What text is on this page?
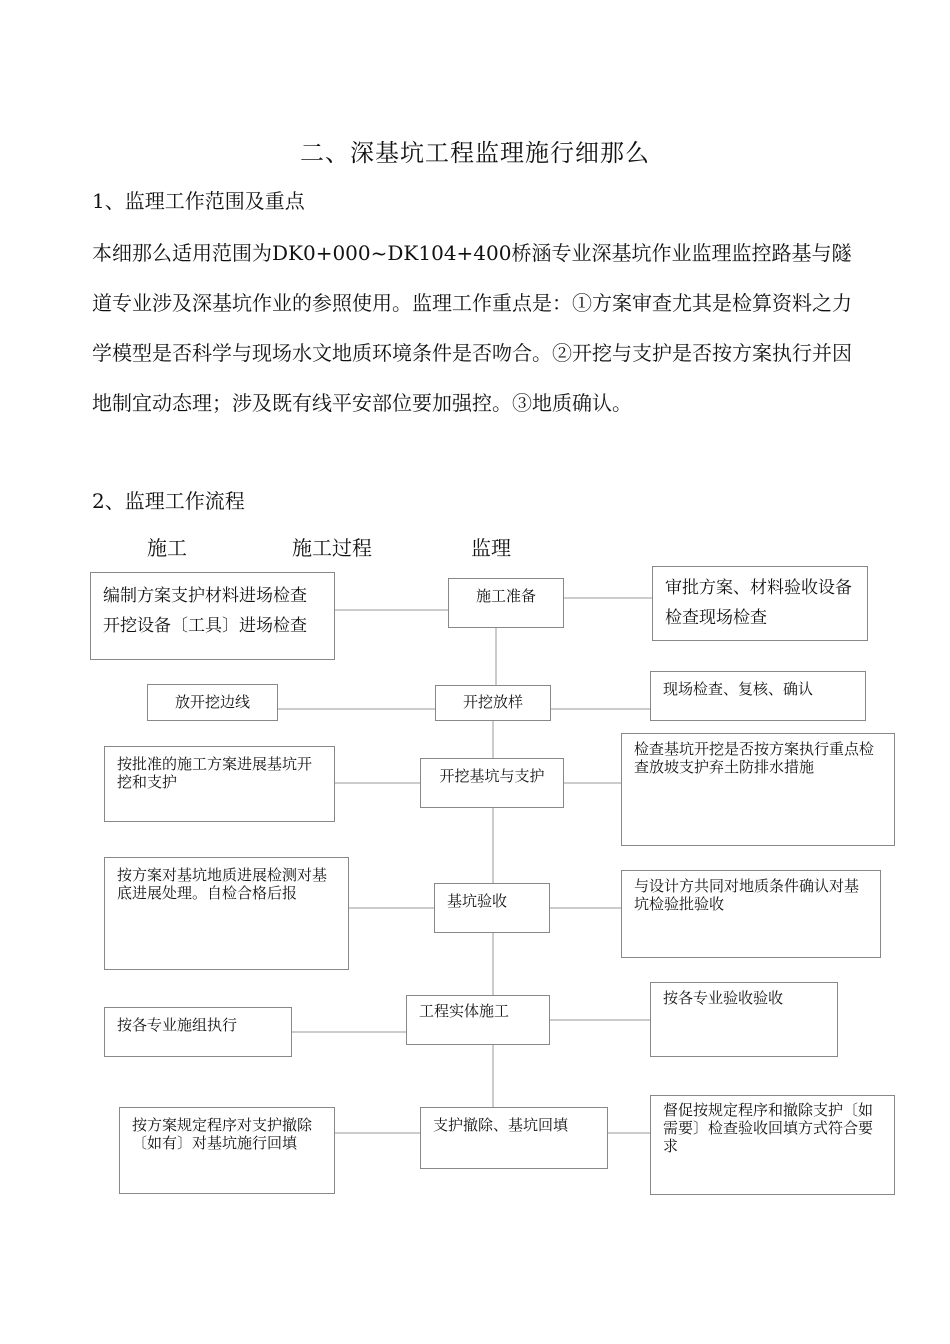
二、深基坑工程监理施行细那么
1、监理工作范围及重点
本细那么适用范围为DK0+000~DK104+400桥涵专业深基坑作业监理监控路基与隧道专业涉及深基坑作业的参照使用。监理工作重点是：①方案审查尤其是检算资料之力学模型是否科学与现场水文地质环境条件是否吻合。②开挖与支护是否按方案执行并因地制宜动态理；涉及既有线平安部位要加强控。③地质确认。
2、监理工作流程
施工	施工过程	监理
编制方案支护材料进场检查开挖设备〔工具〕进场检查
放开挖边线
按批准的施工方案进展基坑开挖和支护
按方案对基坑地质进展检测对基底进展处理。自检合格后报
按各专业施组执行
按方案规定程序对支护撤除〔如有〕对基坑施行回填
施工准备
开挖放样
开挖基坑与支护
基坑验收
工程实体施工
支护撤除、基坑回填
审批方案、材料验收设备检查现场检查
现场检查、复核、确认
检查基坑开挖是否按方案执行重点检查放坡支护弃土防排水措施
与设计方共同对地质条件确认对基坑检验批验收
按各专业验收验收
督促按规定程序和撤除支护〔如需要〕检查验收回填方式符合要求
